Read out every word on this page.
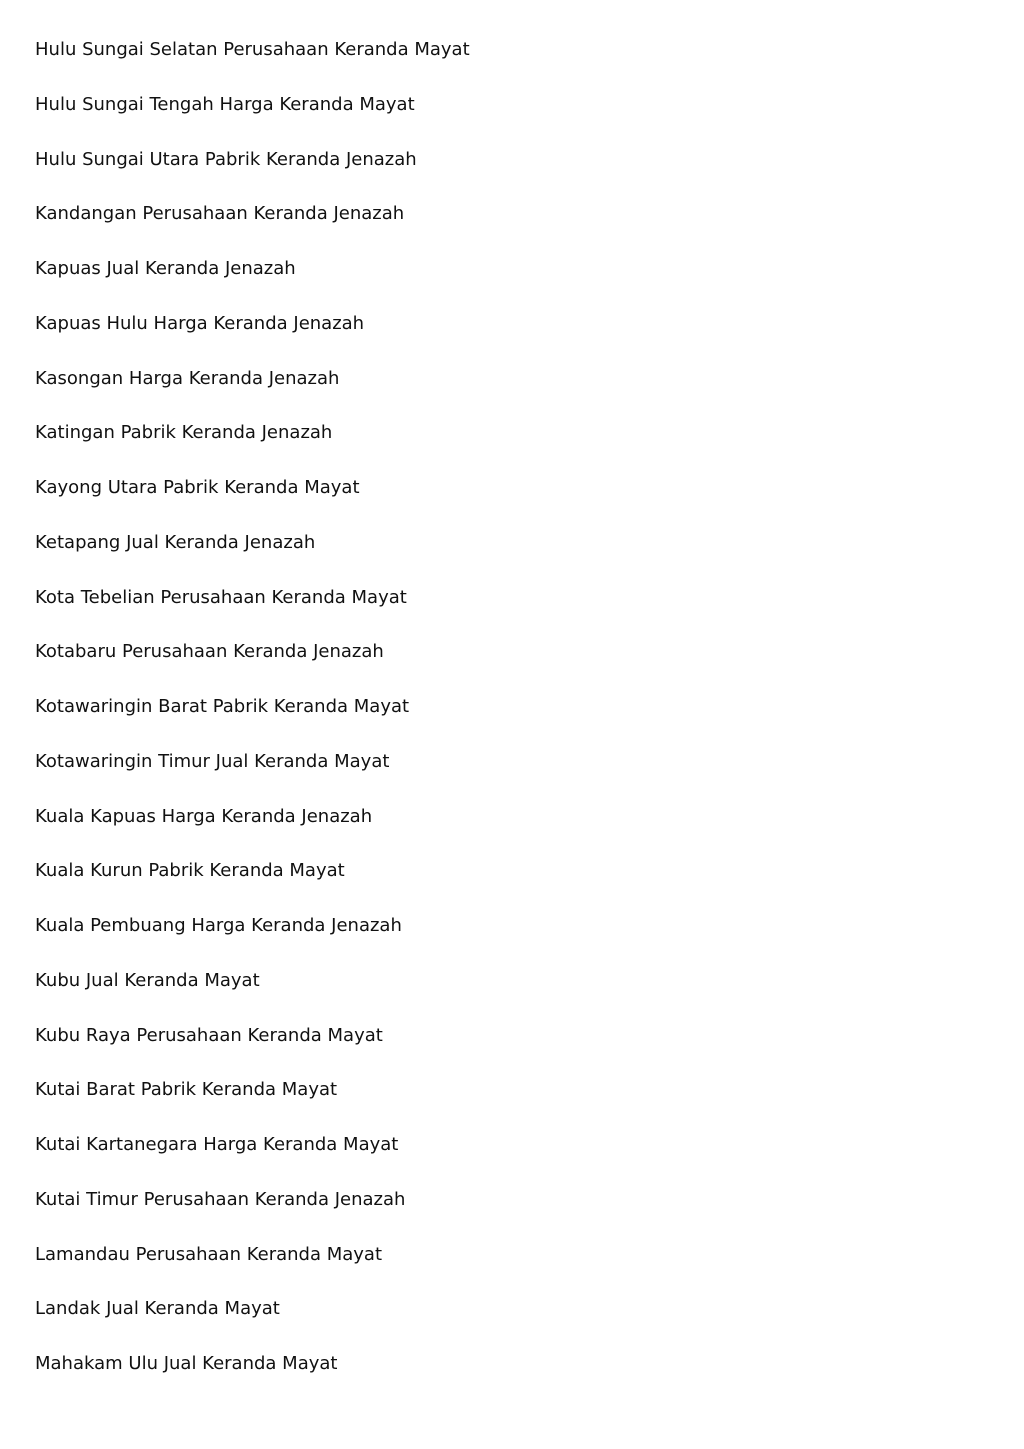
Hulu Sungai Selatan Perusahaan Keranda Mayat
Hulu Sungai Tengah Harga Keranda Mayat
Hulu Sungai Utara Pabrik Keranda Jenazah
Kandangan Perusahaan Keranda Jenazah
Kapuas Jual Keranda Jenazah
Kapuas Hulu Harga Keranda Jenazah
Kasongan Harga Keranda Jenazah
Katingan Pabrik Keranda Jenazah
Kayong Utara Pabrik Keranda Mayat
Ketapang Jual Keranda Jenazah
Kota Tebelian Perusahaan Keranda Mayat
Kotabaru Perusahaan Keranda Jenazah
Kotawaringin Barat Pabrik Keranda Mayat
Kotawaringin Timur Jual Keranda Mayat
Kuala Kapuas Harga Keranda Jenazah
Kuala Kurun Pabrik Keranda Mayat
Kuala Pembuang Harga Keranda Jenazah
Kubu Jual Keranda Mayat
Kubu Raya Perusahaan Keranda Mayat
Kutai Barat Pabrik Keranda Mayat
Kutai Kartanegara Harga Keranda Mayat
Kutai Timur Perusahaan Keranda Jenazah
Lamandau Perusahaan Keranda Mayat
Landak Jual Keranda Mayat
Mahakam Ulu Jual Keranda Mayat
